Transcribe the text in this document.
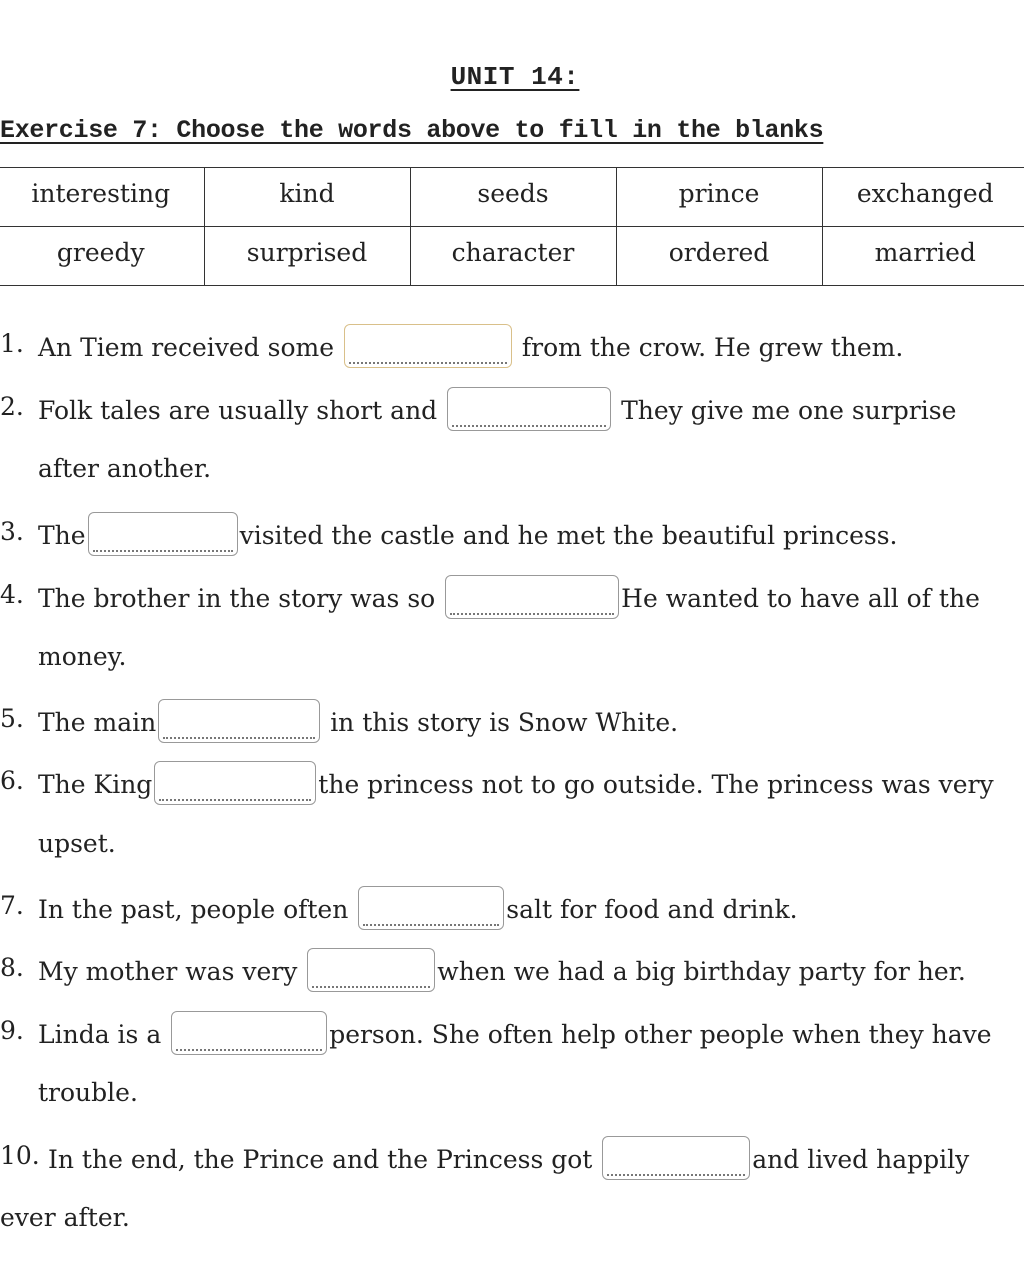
UNIT 14:
Exercise 7: Choose the words above to fill in the blanks
interesting	kind	seeds	prince	exchanged
greedy	surprised	character	ordered	married
1. An Tiem received some	from the crow. He grew them.
2. Folk tales are usually short and	They give me one surprise
after another.
3. The	visited the castle and he met the beautiful princess.
4. The brother in the story was so	He wanted to have all of the
money.
5. The main	in this story is Snow White.
6. The King	the princess not to go outside. The princess was very
upset.
7. In the past, people often	salt for food and drink.
8. My mother was very	when we had a big birthday party for her.
9. Linda is a	person. She often help other people when they have
trouble.
10. In the end, the Prince and the Princess got	and lived happily
ever after.
